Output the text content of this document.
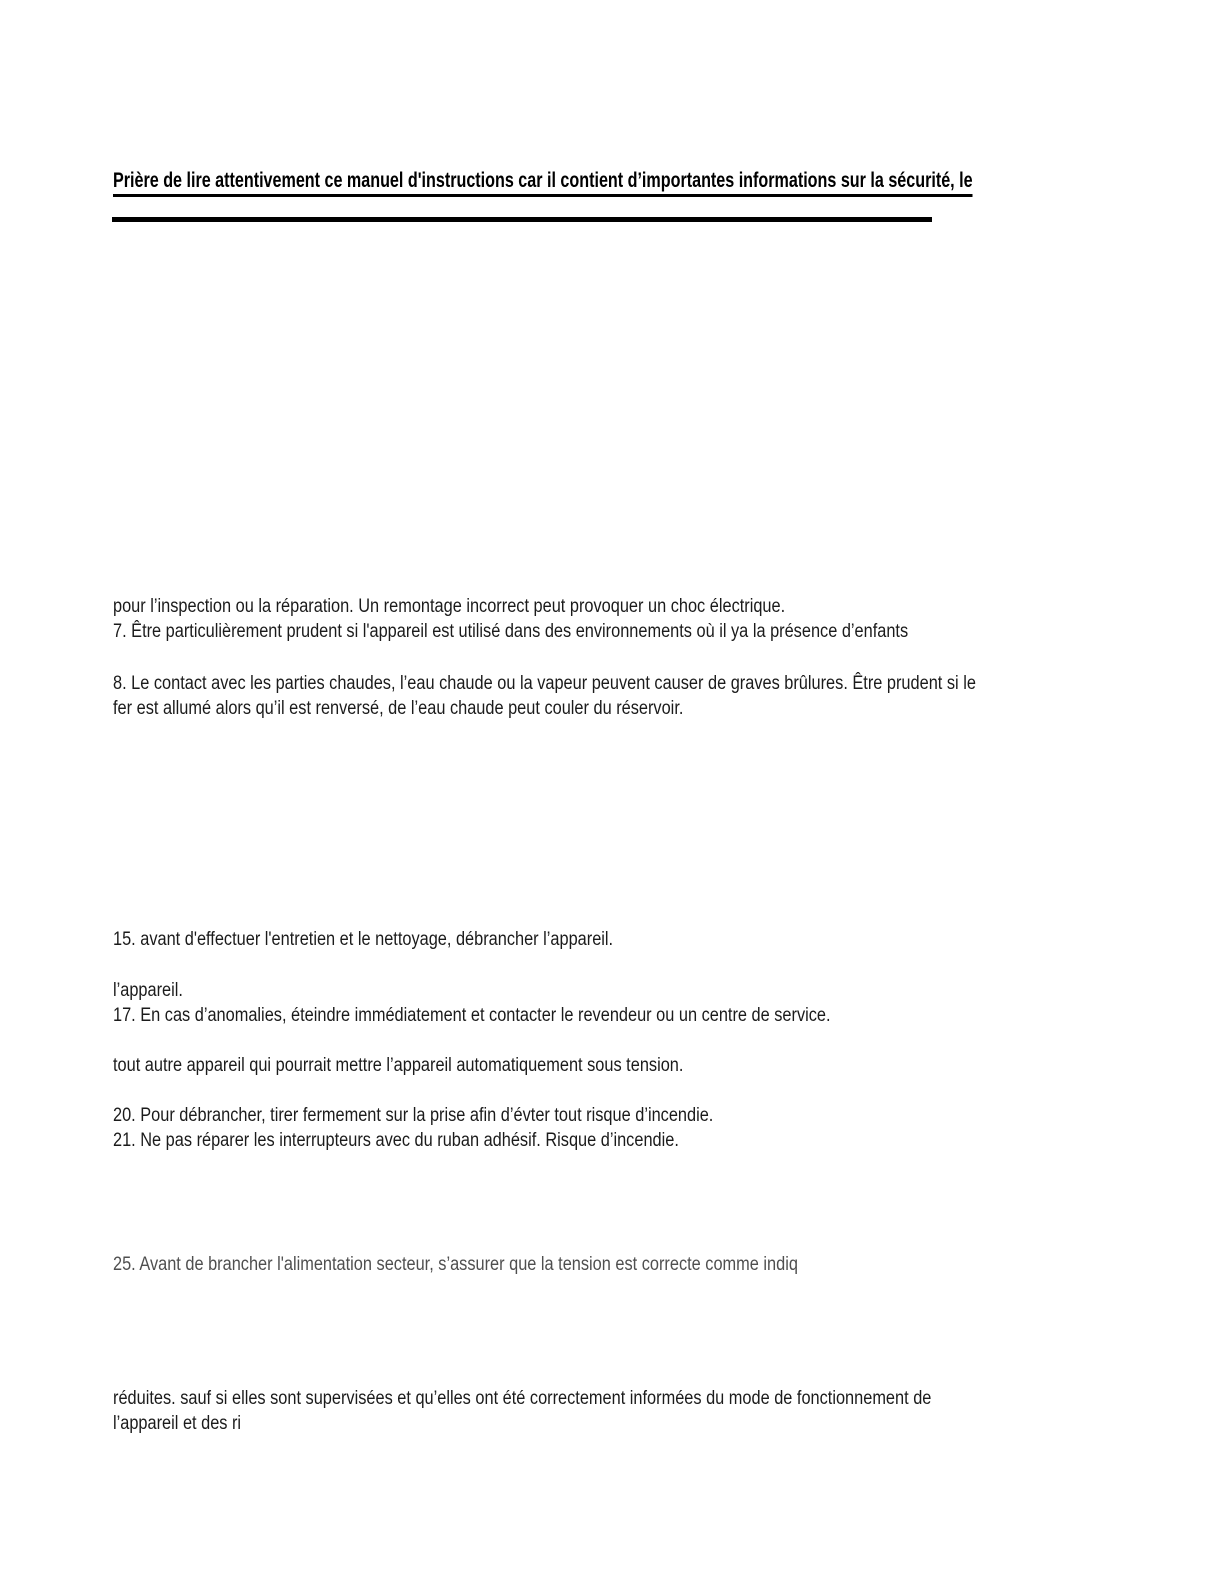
Prière de lire attentivement ce manuel d'instructions car il contient d’importantes informations sur la sécurité, le
pour l’inspection ou la réparation. Un remontage incorrect peut provoquer un choc électrique.
7. Être particulièrement prudent si l'appareil est utilisé dans des environnements où il ya la présence d’enfants
8. Le contact avec les parties chaudes, l’eau chaude ou la vapeur peuvent causer de graves brûlures. Être prudent si le
fer est allumé alors qu’il est renversé, de l’eau chaude peut couler du réservoir.
15. avant d'effectuer l'entretien et le nettoyage, débrancher l’appareil.
l’appareil.
17. En cas d’anomalies, éteindre immédiatement et contacter le revendeur ou un centre de service.
tout autre appareil qui pourrait mettre l’appareil automatiquement sous tension.
20. Pour débrancher, tirer fermement sur la prise afin d’évter tout risque d’incendie.
21. Ne pas réparer les interrupteurs avec du ruban adhésif. Risque d’incendie.
25. Avant de brancher l'alimentation secteur, s’assurer que la tension est correcte comme indiq
réduites. sauf si elles sont supervisées et qu’elles ont été correctement informées du mode de fonctionnement de
l’appareil et des ri
